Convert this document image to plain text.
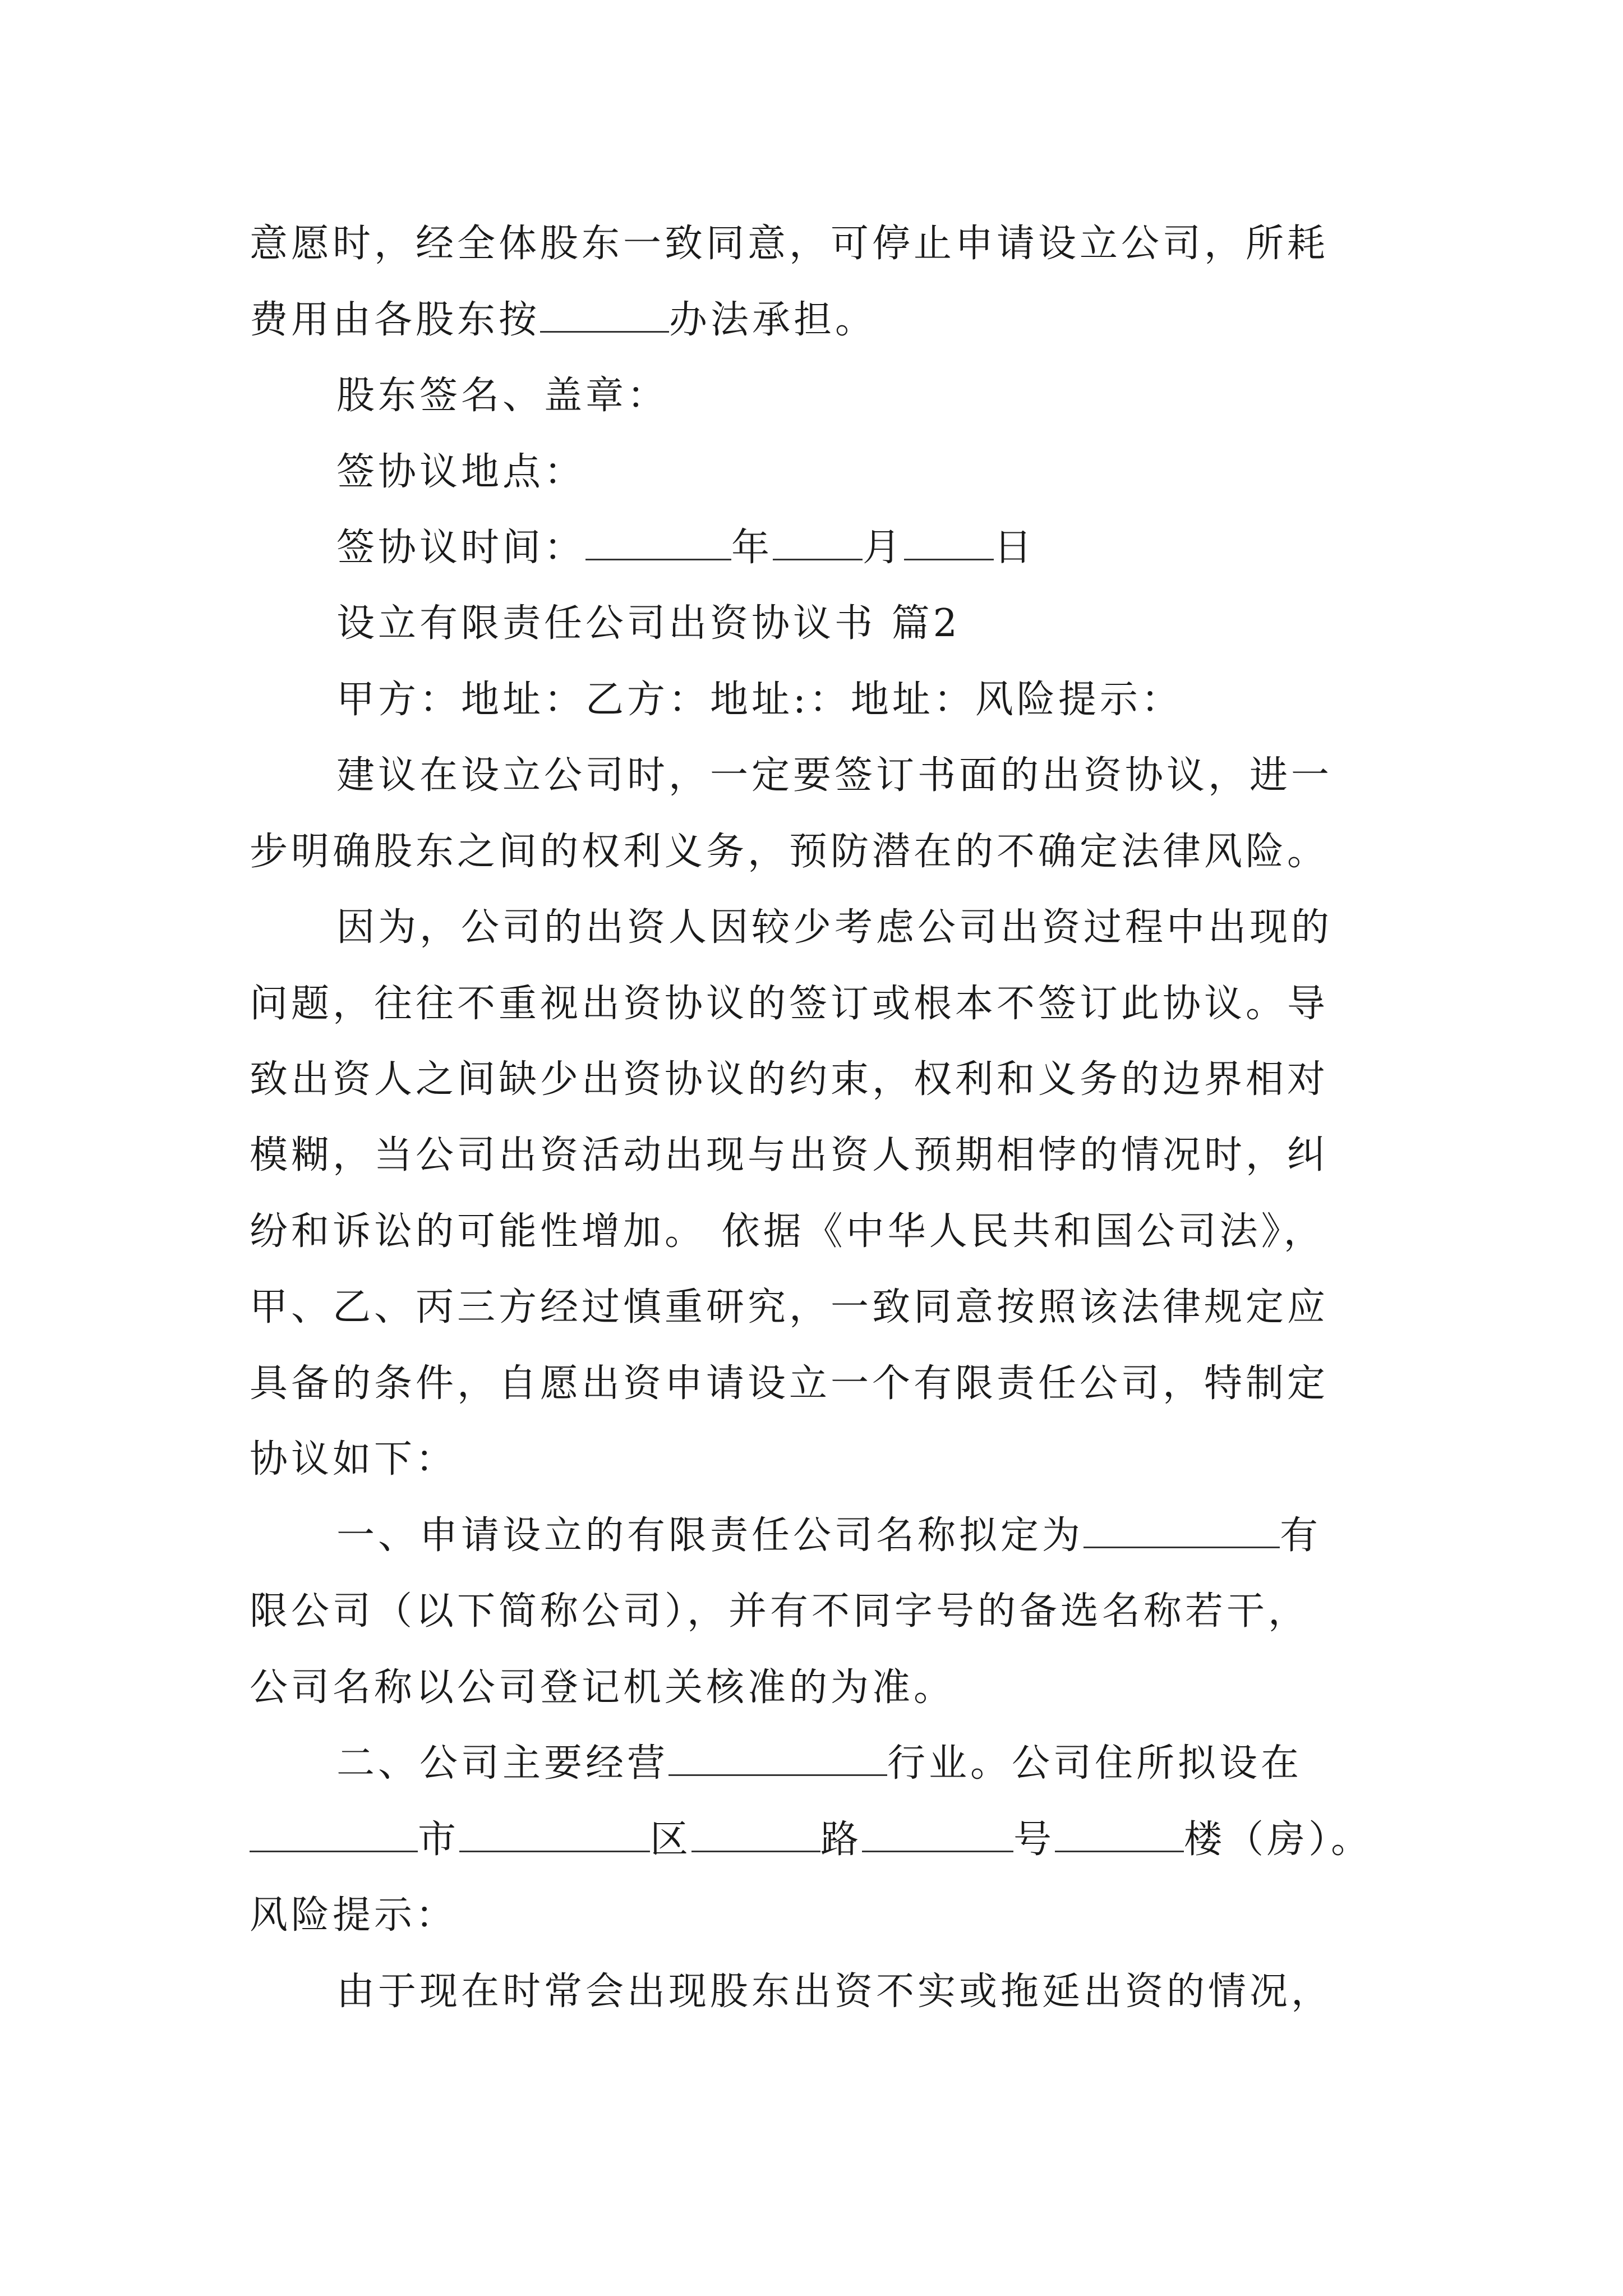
意愿时，经全体股东一致同意，可停止申请设立公司，所耗
费用由各股东按	办法承担。
股东签名、盖章：
签协议地点：
签协议时间：	年 月 日
设立有限责任公司出资协议书 篇2
甲方：地址：乙方：地址:：地址：风险提示：
建议在设立公司时，一定要签订书面的出资协议，进一
步明确股东之间的权利义务，预防潜在的不确定法律风险。
因为，公司的出资人因较少考虑公司出资过程中出现的
问题，往往不重视出资协议的签订或根本不签订此协议。导
致出资人之间缺少出资协议的约束，权利和义务的边界相对
模糊，当公司出资活动出现与出资人预期相悖的情况时，纠
纷和诉讼的可能性增加。 依据《中华人民共和国公司法》，
甲、乙、丙三方经过慎重研究，一致同意按照该法律规定应
具备的条件，自愿出资申请设立一个有限责任公司，特制定
协议如下：
一、申请设立的有限责任公司名称拟定为	有
限公司（以下简称公司），并有不同字号的备选名称若干，
公司名称以公司登记机关核准的为准。
二、公司主要经营	行业。公司住所拟设在
市	区	路	号	楼（房）。
风险提示：
由于现在时常会出现股东出资不实或拖延出资的情况，
